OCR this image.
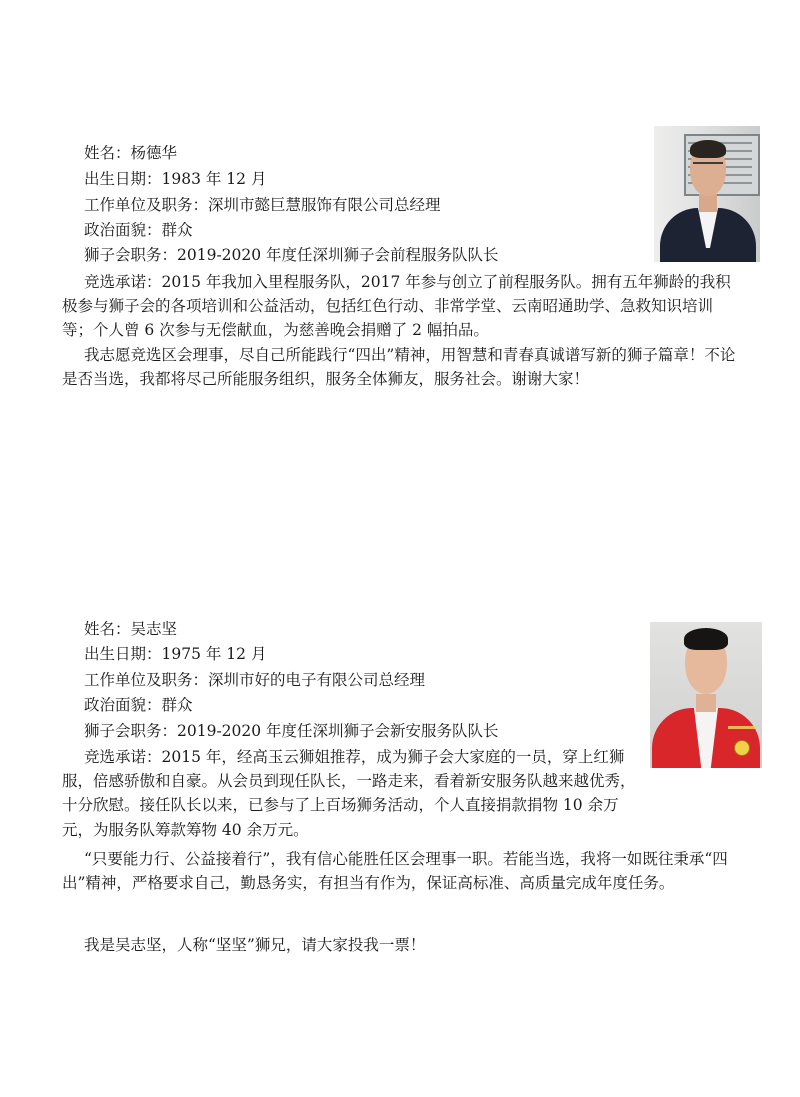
姓名：杨德华
出生日期：1983 年 12 月
工作单位及职务：深圳市懿巨慧服饰有限公司总经理
政治面貌：群众
狮子会职务：2019-2020 年度任深圳狮子会前程服务队队长
竞选承诺：2015 年我加入里程服务队，2017 年参与创立了前程服务队。拥有五年狮龄的我积极参与狮子会的各项培训和公益活动，包括红色行动、非常学堂、云南昭通助学、急救知识培训等；个人曾 6 次参与无偿献血，为慈善晚会捐赠了 2 幅拍品。
我志愿竞选区会理事，尽自己所能践行“四出”精神，用智慧和青春真诚谱写新的狮子篇章！不论是否当选，我都将尽己所能服务组织，服务全体狮友，服务社会。谢谢大家！
姓名：吴志坚
出生日期：1975 年 12 月
工作单位及职务：深圳市好的电子有限公司总经理
政治面貌：群众
狮子会职务：2019-2020 年度任深圳狮子会新安服务队队长
竞选承诺：2015 年，经高玉云狮姐推荐，成为狮子会大家庭的一员，穿上红狮服，倍感骄傲和自豪。从会员到现任队长，一路走来，看着新安服务队越来越优秀，十分欣慰。接任队长以来，已参与了上百场狮务活动，个人直接捐款捐物 10 余万元，为服务队筹款筹物 40 余万元。
“只要能力行、公益接着行”，我有信心能胜任区会理事一职。若能当选，我将一如既往秉承“四出”精神，严格要求自己，勤恳务实，有担当有作为，保证高标准、高质量完成年度任务。
我是吴志坚，人称“坚坚”狮兄，请大家投我一票！
